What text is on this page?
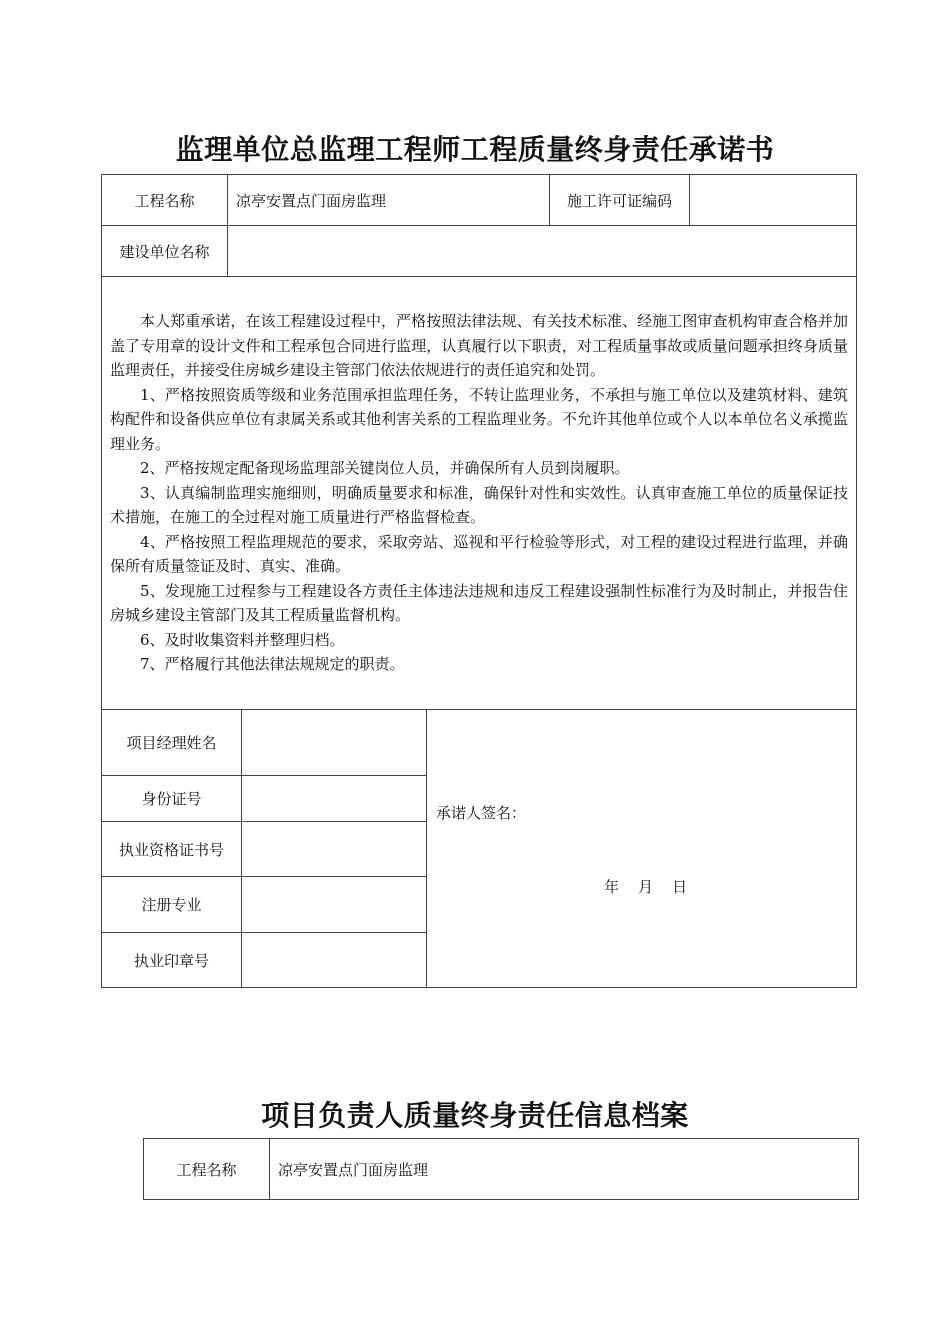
监理单位总监理工程师工程质量终身责任承诺书
工程名称	凉亭安置点门面房监理	施工许可证编码
建设单位名称

本人郑重承诺，在该工程建设过程中，严格按照法律法规、有关技术标准、经施工图审查机构审查合格并加盖了专用章的设计文件和工程承包合同进行监理，认真履行以下职责，对工程质量事故或质量问题承担终身质量监理责任，并接受住房城乡建设主管部门依法依规进行的责任追究和处罚。

1、严格按照资质等级和业务范围承担监理任务，不转让监理业务，不承担与施工单位以及建筑材料、建筑构配件和设备供应单位有隶属关系或其他利害关系的工程监理业务。不允许其他单位或个人以本单位名义承揽监理业务。

2、严格按规定配备现场监理部关键岗位人员，并确保所有人员到岗履职。

3、认真编制监理实施细则，明确质量要求和标准，确保针对性和实效性。认真审查施工单位的质量保证技术措施，在施工的全过程对施工质量进行严格监督检查。

4、严格按照工程监理规范的要求，采取旁站、巡视和平行检验等形式，对工程的建设过程进行监理，并确保所有质量签证及时、真实、准确。

5、发现施工过程参与工程建设各方责任主体违法违规和违反工程建设强制性标准行为及时制止，并报告住房城乡建设主管部门及其工程质量监督机构。

6、及时收集资料并整理归档。

7、严格履行其他法律法规规定的职责。

项目经理姓名
身份证号
执业资格证书号
注册专业
执业印章号
承诺人签名：
年    月    日
项目负责人质量终身责任信息档案
工程名称	凉亭安置点门面房监理
